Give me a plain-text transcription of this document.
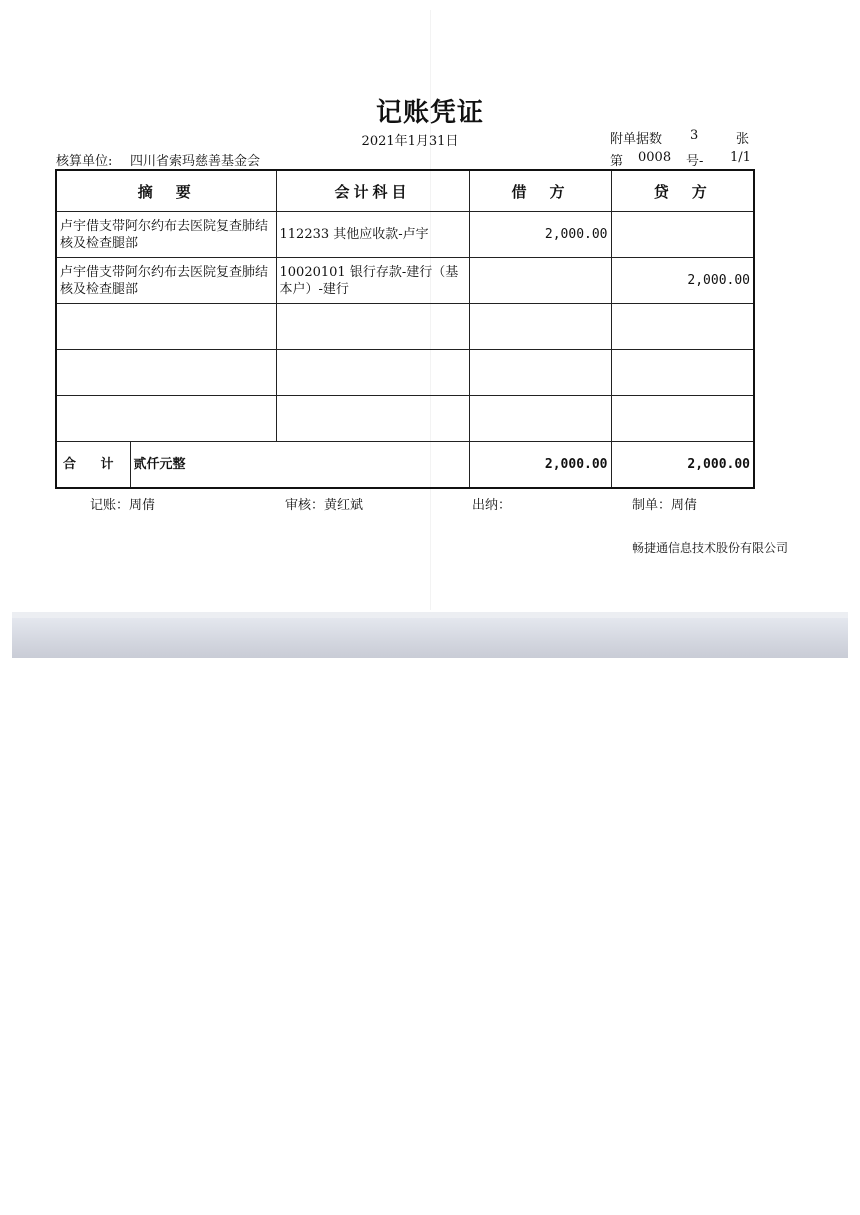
记账凭证
2021年1月31日	附单据数 3	张
核算单位: 四川省索玛慈善基金会	第 0008 号- 1/1
摘　要		会计科目	借　方	贷　方
卢宇借支带阿尔约布去医院复查肺结核及检查腿部		112233 其他应收款-卢宇	2,000.00	
卢宇借支带阿尔约布去医院复查肺结核及检查腿部		10020101 银行存款-建行（基本户）-建行		2,000.00

合 计	贰仟元整		2,000.00	2,000.00
记账：周倩	审核：黄红斌	出纳：	制单：周倩
畅捷通信息技术股份有限公司
